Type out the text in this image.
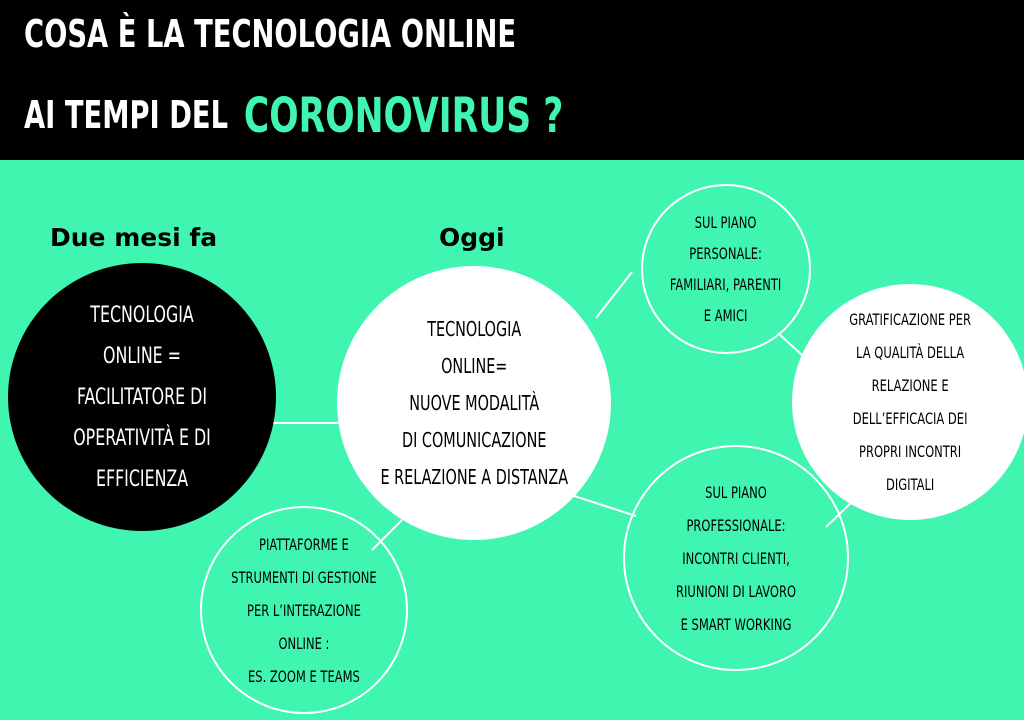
COSA È LA TECNOLOGIA ONLINE
AI TEMPI DEL CORONOVIRUS ?
Due mesi fa	Oggi
TECNOLOGIA
ONLINE =
FACILITATORE DI
OPERATIVITÀ E DI
EFFICIENZA
TECNOLOGIA
ONLINE=
NUOVE MODALITÀ
DI COMUNICAZIONE
E RELAZIONE A DISTANZA
SUL PIANO
PERSONALE:
FAMILIARI, PARENTI
E AMICI	GRATIFICAZIONE PER
LA QUALITÀ DELLA
RELAZIONE E
DELL’EFFICACIA DEI
PROPRI INCONTRI
DIGITALI
SUL PIANO
PROFESSIONALE:
INCONTRI CLIENTI,
RIUNIONI DI LAVORO
E SMART WORKING
PIATTAFORME E
STRUMENTI DI GESTIONE
PER L’INTERAZIONE
ONLINE :
ES. ZOOM E TEAMS
